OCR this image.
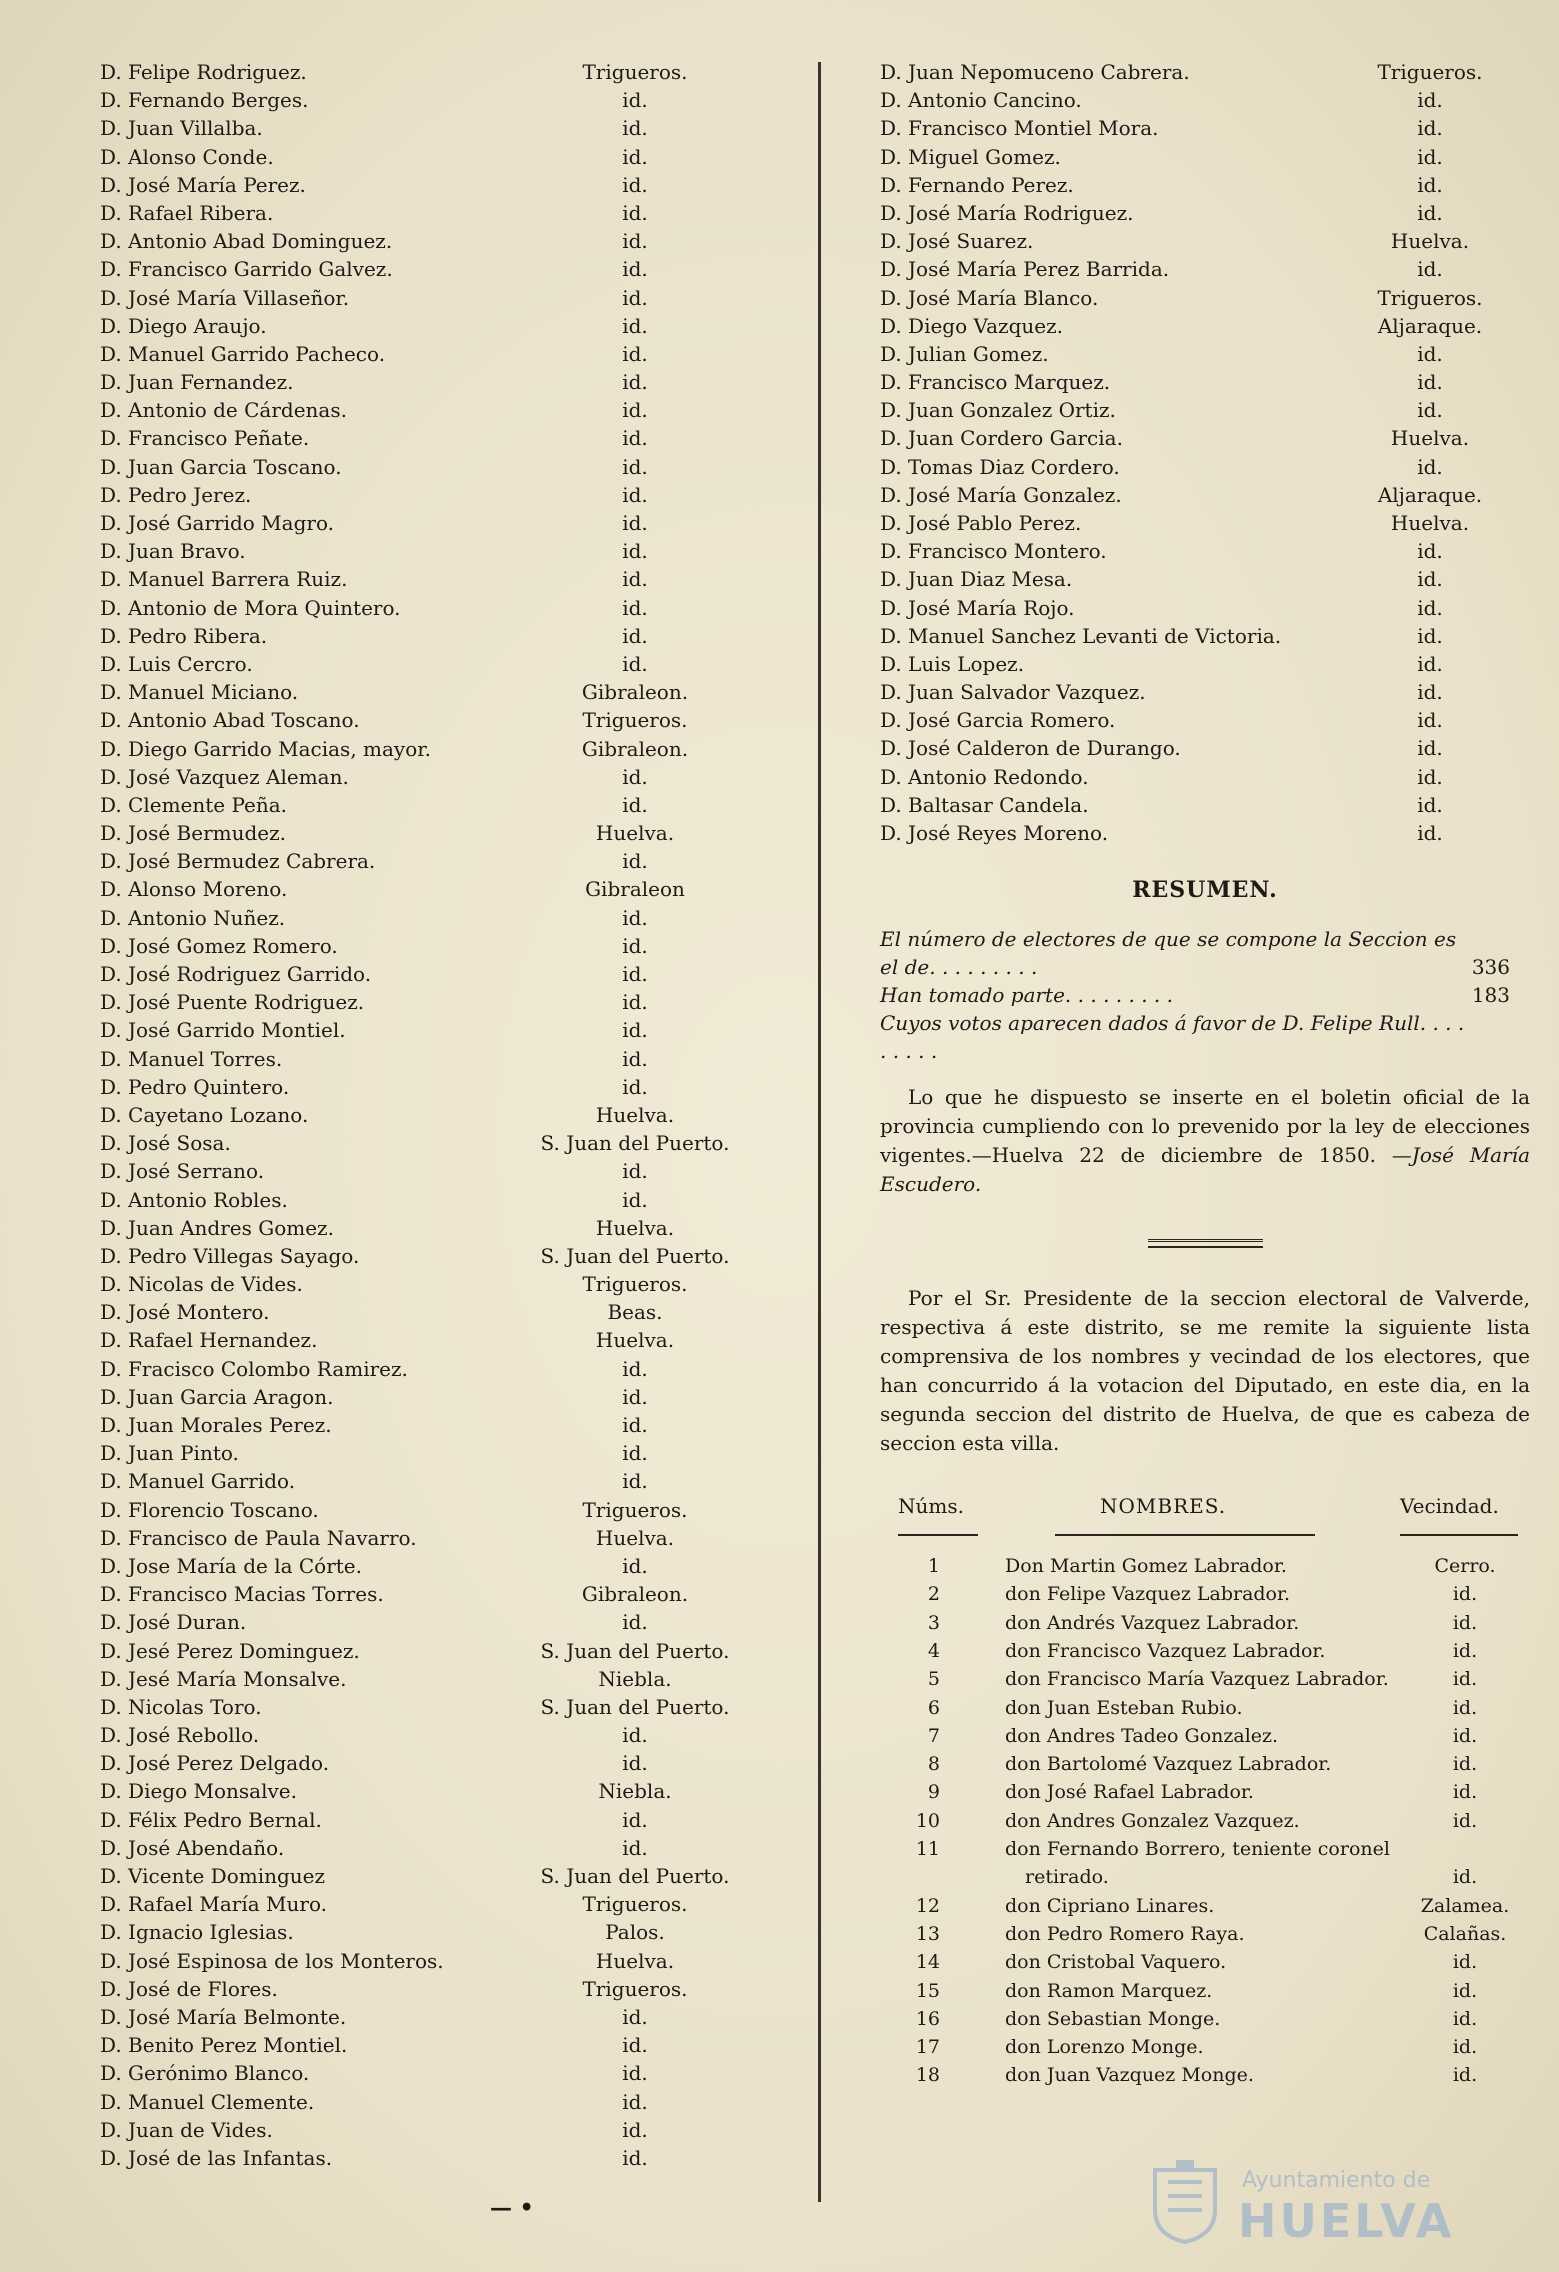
D. Felipe Rodriguez.	Trigueros.
D. Fernando Berges.	id.
D. Juan Villalba.	id.
D. Alonso Conde.	id.
D. José María Perez.	id.
D. Rafael Ribera.	id.
D. Antonio Abad Dominguez.	id.
D. Francisco Garrido Galvez.	id.
D. José María Villaseñor.	id.
D. Diego Araujo.	id.
D. Manuel Garrido Pacheco.	id.
D. Juan Fernandez.	id.
D. Antonio de Cárdenas.	id.
D. Francisco Peñate.	id.
D. Juan Garcia Toscano.	id.
D. Pedro Jerez.	id.
D. José Garrido Magro.	id.
D. Juan Bravo.	id.
D. Manuel Barrera Ruiz.	id.
D. Antonio de Mora Quintero.	id.
D. Pedro Ribera.	id.
D. Luis Cercro.	id.
D. Manuel Miciano.	Gibraleon.
D. Antonio Abad Toscano.	Trigueros.
D. Diego Garrido Macias, mayor.	Gibraleon.
D. José Vazquez Aleman.	id.
D. Clemente Peña.	id.
D. José Bermudez.	Huelva.
D. José Bermudez Cabrera.	id.
D. Alonso Moreno.	Gibraleon
D. Antonio Nuñez.	id.
D. José Gomez Romero.	id.
D. José Rodriguez Garrido.	id.
D. José Puente Rodriguez.	id.
D. José Garrido Montiel.	id.
D. Manuel Torres.	id.
D. Pedro Quintero.	id.
D. Cayetano Lozano.	Huelva.
D. José Sosa.	S. Juan del Puerto.
D. José Serrano.	id.
D. Antonio Robles.	id.
D. Juan Andres Gomez.	Huelva.
D. Pedro Villegas Sayago.	S. Juan del Puerto.
D. Nicolas de Vides.	Trigueros.
D. José Montero.	Beas.
D. Rafael Hernandez.	Huelva.
D. Fracisco Colombo Ramirez.	id.
D. Juan Garcia Aragon.	id.
D. Juan Morales Perez.	id.
D. Juan Pinto.	id.
D. Manuel Garrido.	id.
D. Florencio Toscano.	Trigueros.
D. Francisco de Paula Navarro.	Huelva.
D. Jose María de la Córte.	id.
D. Francisco Macias Torres.	Gibraleon.
D. José Duran.	id.
D. Jesé Perez Dominguez.	S. Juan del Puerto.
D. Jesé María Monsalve.	Niebla.
D. Nicolas Toro.	S. Juan del Puerto.
D. José Rebollo.	id.
D. José Perez Delgado.	id.
D. Diego Monsalve.	Niebla.
D. Félix Pedro Bernal.	id.
D. José Abendaño.	id.
D. Vicente Dominguez	S. Juan del Puerto.
D. Rafael María Muro.	Trigueros.
D. Ignacio Iglesias.	Palos.
D. José Espinosa de los Monteros.	Huelva.
D. José de Flores.	Trigueros.
D. José María Belmonte.	id.
D. Benito Perez Montiel.	id.
D. Gerónimo Blanco.	id.
D. Manuel Clemente.	id.
D. Juan de Vides.	id.
D. José de las Infantas.	id.
D. Juan Nepomuceno Cabrera.	Trigueros.
D. Antonio Cancino.	id.
D. Francisco Montiel Mora.	id.
D. Miguel Gomez.	id.
D. Fernando Perez.	id.
D. José María Rodriguez.	id.
D. José Suarez.	Huelva.
D. José María Perez Barrida.	id.
D. José María Blanco.	Trigueros.
D. Diego Vazquez.	Aljaraque.
D. Julian Gomez.	id.
D. Francisco Marquez.	id.
D. Juan Gonzalez Ortiz.	id.
D. Juan Cordero Garcia.	Huelva.
D. Tomas Diaz Cordero.	id.
D. José María Gonzalez.	Aljaraque.
D. José Pablo Perez.	Huelva.
D. Francisco Montero.	id.
D. Juan Diaz Mesa.	id.
D. José María Rojo.	id.
D. Manuel Sanchez Levanti de Victoria.	id.
D. Luis Lopez.	id.
D. Juan Salvador Vazquez.	id.
D. José Garcia Romero.	id.
D. José Calderon de Durango.	id.
D. Antonio Redondo.	id.
D. Baltasar Candela.	id.
D. José Reyes Moreno.	id.
RESUMEN.
El número de electores de que se compone la Seccion es el de. . . . . . . . .	336
Han tomado parte. . . . . . . . .	183
Cuyos votos aparecen dados á favor de D. Felipe Rull. . . . . . . . .
Lo que he dispuesto se inserte en el boletin oficial de la provincia cumpliendo con lo prevenido por la ley de elecciones vigentes.—Huelva 22 de diciembre de 1850. —José María Escudero.
Por el Sr. Presidente de la seccion electoral de Valverde, respectiva á este distrito, se me remite la siguiente lista comprensiva de los nombres y vecindad de los electores, que han concurrido á la votacion del Diputado, en este dia, en la segunda seccion del distrito de Huelva, de que es cabeza de seccion esta villa.
Núms.	NOMBRES.	Vecindad.
1	Don Martin Gomez Labrador.	Cerro.
2	don Felipe Vazquez Labrador.	id.
3	don Andrés Vazquez Labrador.	id.
4	don Francisco Vazquez Labrador.	id.
5	don Francisco María Vazquez Labrador.	id.
6	don Juan Esteban Rubio.	id.
7	don Andres Tadeo Gonzalez.	id.
8	don Bartolomé Vazquez Labrador.	id.
9	don José Rafael Labrador.	id.
10	don Andres Gonzalez Vazquez.	id.
11	don Fernando Borrero, teniente coronel retirado.	id.
12	don Cipriano Linares.	Zalamea.
13	don Pedro Romero Raya.	Calañas.
14	don Cristobal Vaquero.	id.
15	don Ramon Marquez.	id.
16	don Sebastian Monge.	id.
17	don Lorenzo Monge.	id.
18	don Juan Vazquez Monge.	id.
— •
Ayuntamiento de
HUELVA
